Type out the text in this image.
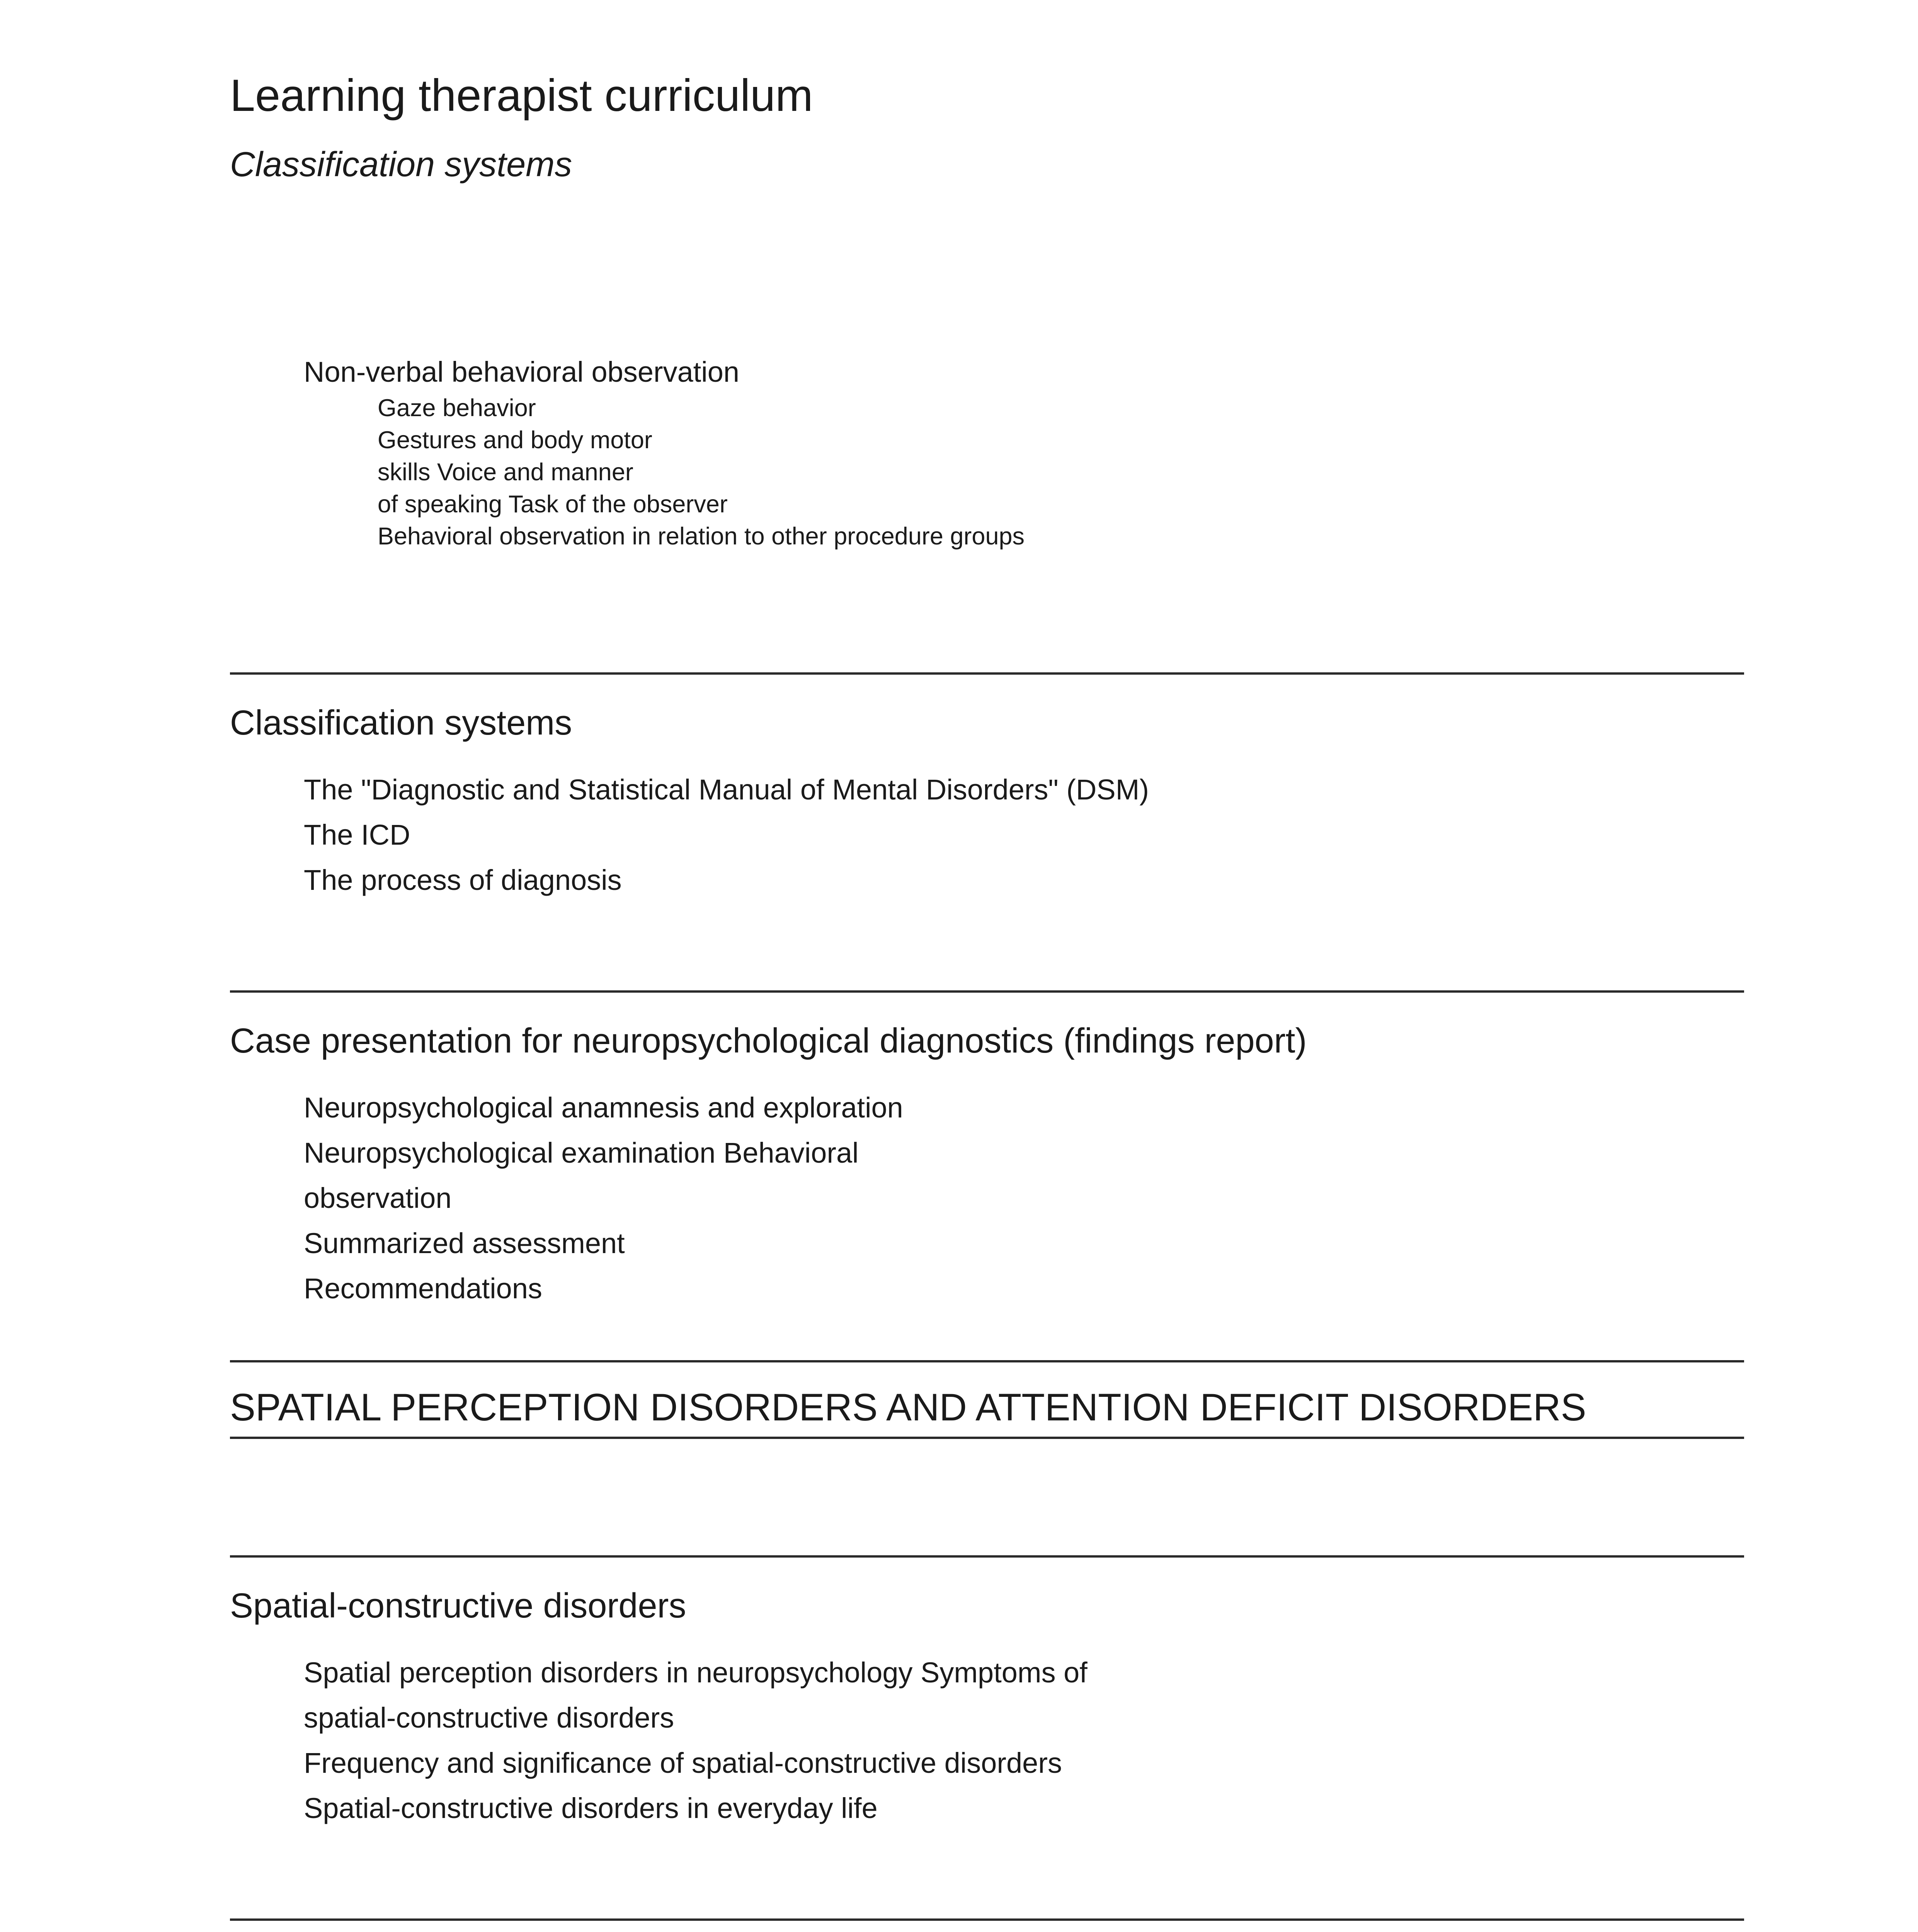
Learning therapist curriculum
Classification systems
Non-verbal behavioral observation
Gaze behavior
Gestures and body motor
skills Voice and manner
of speaking Task of the observer
Behavioral observation in relation to other procedure groups
Classification systems
The "Diagnostic and Statistical Manual of Mental Disorders" (DSM)
The ICD
The process of diagnosis
Case presentation for neuropsychological diagnostics (findings report)
Neuropsychological anamnesis and exploration
Neuropsychological examination Behavioral
observation
Summarized assessment
Recommendations
SPATIAL PERCEPTION DISORDERS AND ATTENTION DEFICIT DISORDERS
Spatial-constructive disorders
Spatial perception disorders in neuropsychology Symptoms of
spatial-constructive disorders
Frequency and significance of spatial-constructive disorders
Spatial-constructive disorders in everyday life
